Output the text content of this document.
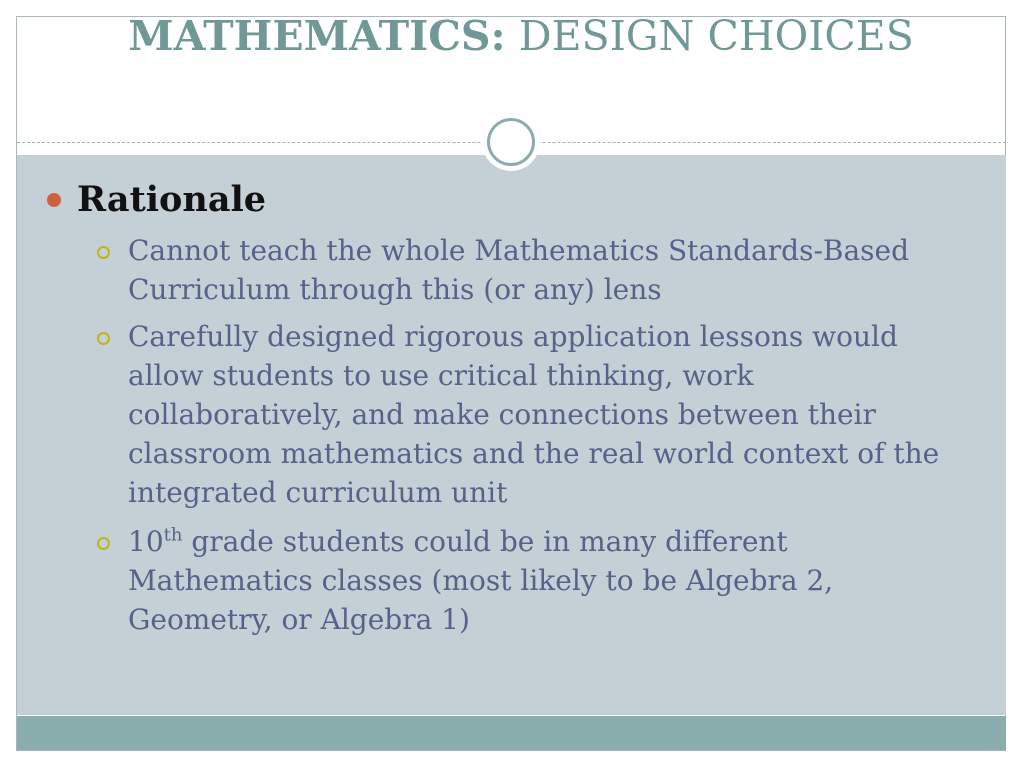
MATHEMATICS: DESIGN CHOICES
Rationale
Cannot teach the whole Mathematics Standards-Based Curriculum through this (or any) lens
Carefully designed rigorous application lessons would allow students to use critical thinking, work collaboratively, and make connections between their classroom mathematics and the real world context of the integrated curriculum unit
10th grade students could be in many different Mathematics classes (most likely to be Algebra 2, Geometry, or Algebra 1)
